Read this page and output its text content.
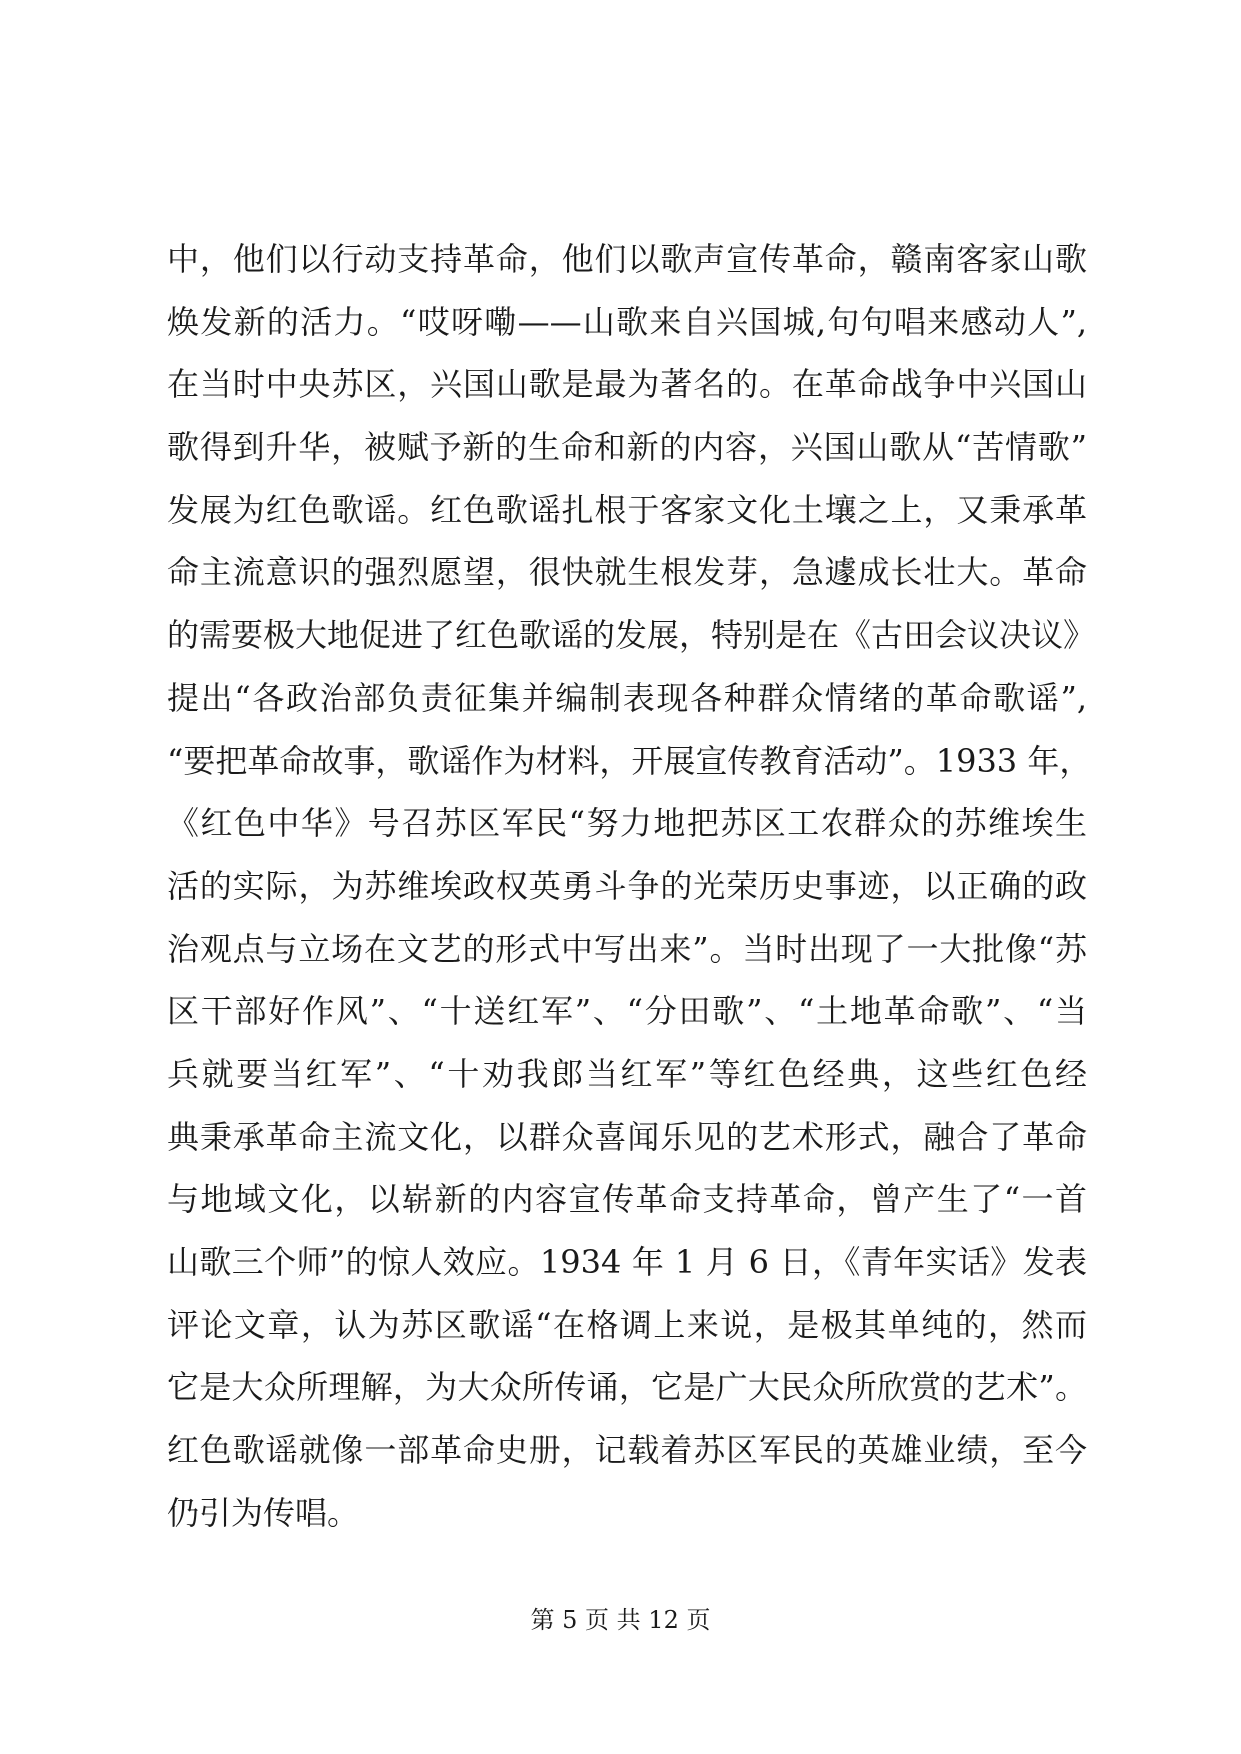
中，他们以行动支持革命，他们以歌声宣传革命，赣南客家山歌
焕发新的活力。“哎呀嘞——山歌来自兴国城,句句唱来感动人”,
在当时中央苏区，兴国山歌是最为著名的。在革命战争中兴国山
歌得到升华，被赋予新的生命和新的内容，兴国山歌从“苦情歌”
发展为红色歌谣。红色歌谣扎根于客家文化土壤之上，又秉承革
命主流意识的强烈愿望，很快就生根发芽，急遽成长壮大。革命
的需要极大地促进了红色歌谣的发展，特别是在《古田会议决议》
提出“各政治部负责征集并编制表现各种群众情绪的革命歌谣”,
“要把革命故事，歌谣作为材料，开展宣传教育活动”。1933 年，
《红色中华》号召苏区军民“努力地把苏区工农群众的苏维埃生
活的实际，为苏维埃政权英勇斗争的光荣历史事迹，以正确的政
治观点与立场在文艺的形式中写出来”。当时出现了一大批像“苏
区干部好作风”、“十送红军”、“分田歌”、“土地革命歌”、“当
兵就要当红军”、“十劝我郎当红军”等红色经典，这些红色经
典秉承革命主流文化，以群众喜闻乐见的艺术形式，融合了革命
与地域文化，以崭新的内容宣传革命支持革命，曾产生了“一首
山歌三个师”的惊人效应。1934 年 1 月 6 日，《青年实话》发表
评论文章，认为苏区歌谣“在格调上来说，是极其单纯的，然而
它是大众所理解，为大众所传诵，它是广大民众所欣赏的艺术”。
红色歌谣就像一部革命史册，记载着苏区军民的英雄业绩，至今
仍引为传唱。
第 5 页 共 12 页
